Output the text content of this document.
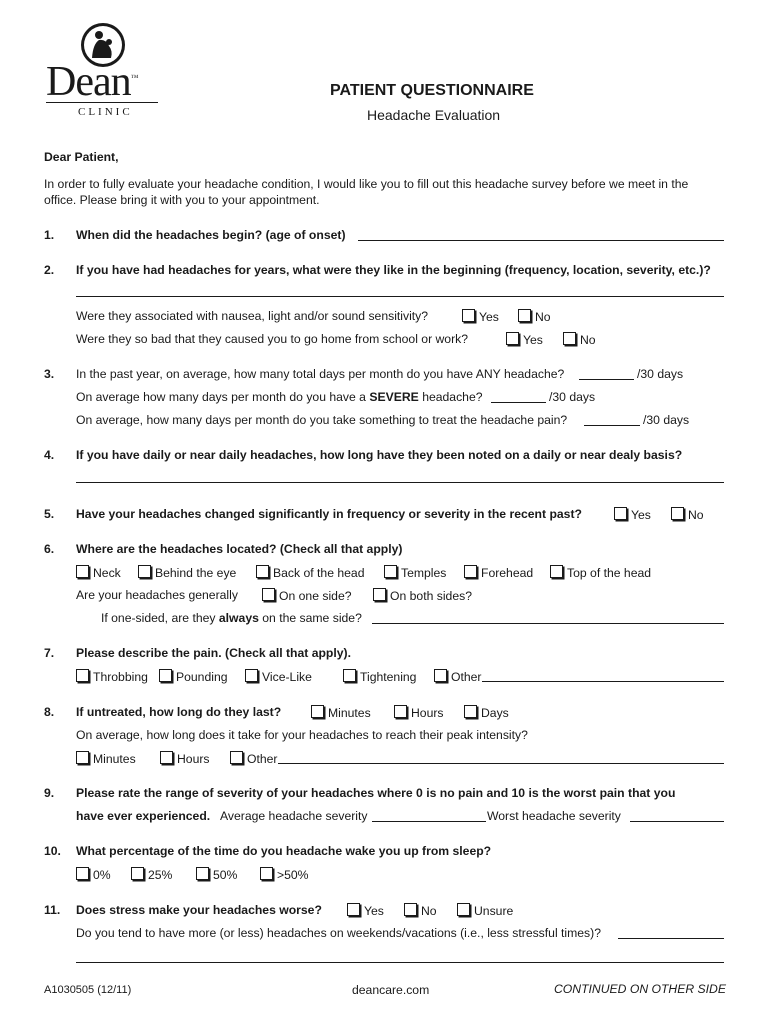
Dean™
CLINIC
PATIENT QUESTIONNAIRE
Headache Evaluation
Dear Patient,
In order to fully evaluate your headache condition, I would like you to fill out this headache survey before we meet in the
office. Please bring it with you to your appointment.
1. When did the headaches begin? (age of onset)
2. If you have had headaches for years, what were they like in the beginning (frequency, location, severity, etc.)?
Were they associated with nausea, light and/or sound sensitivity?	Yes	No
Were they so bad that they caused you to go home from school or work?	Yes	No
3. In the past year, on average, how many total days per month do you have ANY headache?	/30 days
On average how many days per month do you have a SEVERE headache?	/30 days
On average, how many days per month do you take something to treat the headache pain?	/30 days
4. If you have daily or near daily headaches, how long have they been noted on a daily or near dealy basis?
5. Have your headaches changed significantly in frequency or severity in the recent past?	Yes	No
6. Where are the headaches located? (Check all that apply)
Neck	Behind the eye	Back of the head	Temples	Forehead	Top of the head
Are your headaches generally	On one side?	On both sides?
If one-sided, are they always on the same side?
7. Please describe the pain. (Check all that apply).
Throbbing	Pounding	Vice-Like	Tightening	Other
8. If untreated, how long do they last?	Minutes	Hours	Days
On average, how long does it take for your headaches to reach their peak intensity?
Minutes	Hours	Other
9. Please rate the range of severity of your headaches where 0 is no pain and 10 is the worst pain that you
have ever experienced. Average headache severity	Worst headache severity
10. What percentage of the time do you headache wake you up from sleep?
0%	25%	50%	>50%
11. Does stress make your headaches worse?	Yes	No	Unsure
Do you tend to have more (or less) headaches on weekends/vacations (i.e., less stressful times)?
A1030505 (12/11)	deancare.com	CONTINUED ON OTHER SIDE
